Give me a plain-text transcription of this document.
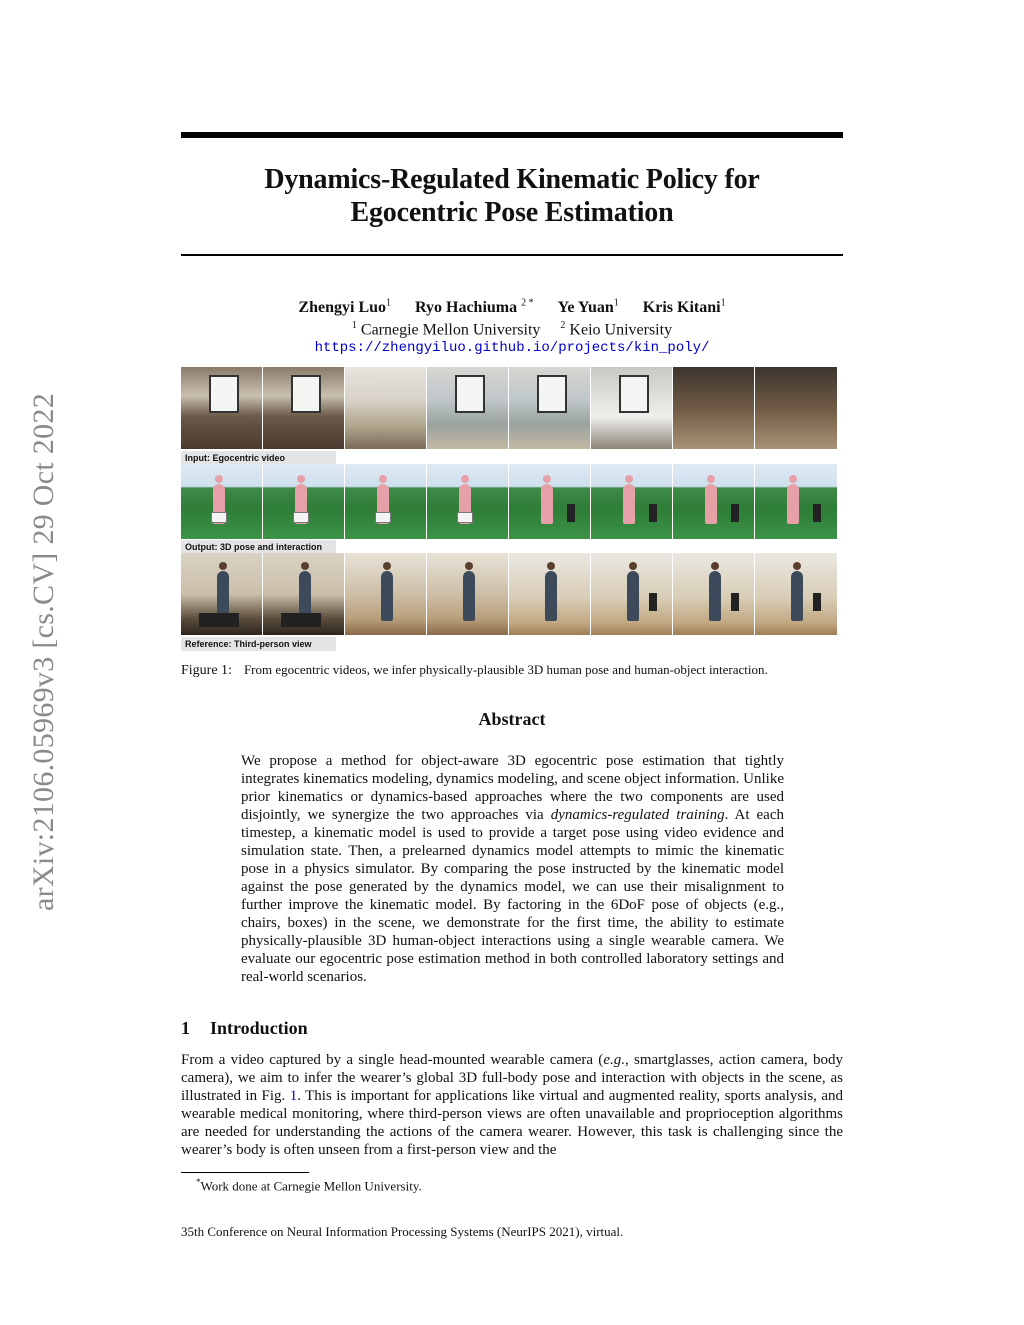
arXiv:2106.05969v3 [cs.CV] 29 Oct 2022
Dynamics-Regulated Kinematic Policy for
Egocentric Pose Estimation
Zhengyi Luo$^1$ Ryo Hachiuma $^{2 *}$ Ye Yuan$^1$ Kris Kitani$^1$
$^1$ Carnegie Mellon University $^2$ Keio University
https://zhengyiluo.github.io/projects/kin_poly/
Input: Egocentric video
Output: 3D pose and interaction
Reference: Third-person view
Figure 1: From egocentric videos, we infer physically-plausible 3D human pose and human-object interaction.
Abstract

We propose a method for object-aware 3D egocentric pose estimation that tightly integrates kinematics modeling, dynamics modeling, and scene object information. Unlike prior kinematics or dynamics-based approaches where the two components are used disjointly, we synergize the two approaches via dynamics-regulated training. At each timestep, a kinematic model is used to provide a target pose using video evidence and simulation state. Then, a prelearned dynamics model attempts to mimic the kinematic pose in a physics simulator. By comparing the pose instructed by the kinematic model against the pose generated by the dynamics model, we can use their misalignment to further improve the kinematic model. By factoring in the 6DoF pose of objects (e.g., chairs, boxes) in the scene, we demonstrate for the first time, the ability to estimate physically-plausible 3D human-object interactions using a single wearable camera. We evaluate our egocentric pose estimation method in both controlled laboratory settings and real-world scenarios.

1 Introduction

From a video captured by a single head-mounted wearable camera (e.g., smartglasses, action camera, body camera), we aim to infer the wearer’s global 3D full-body pose and interaction with objects in the scene, as illustrated in Fig. 1. This is important for applications like virtual and augmented reality, sports analysis, and wearable medical monitoring, where third-person views are often unavailable and proprioception algorithms are needed for understanding the actions of the camera wearer. However, this task is challenging since the wearer’s body is often unseen from a first-person view and the

*Work done at Carnegie Mellon University.
35th Conference on Neural Information Processing Systems (NeurIPS 2021), virtual.
